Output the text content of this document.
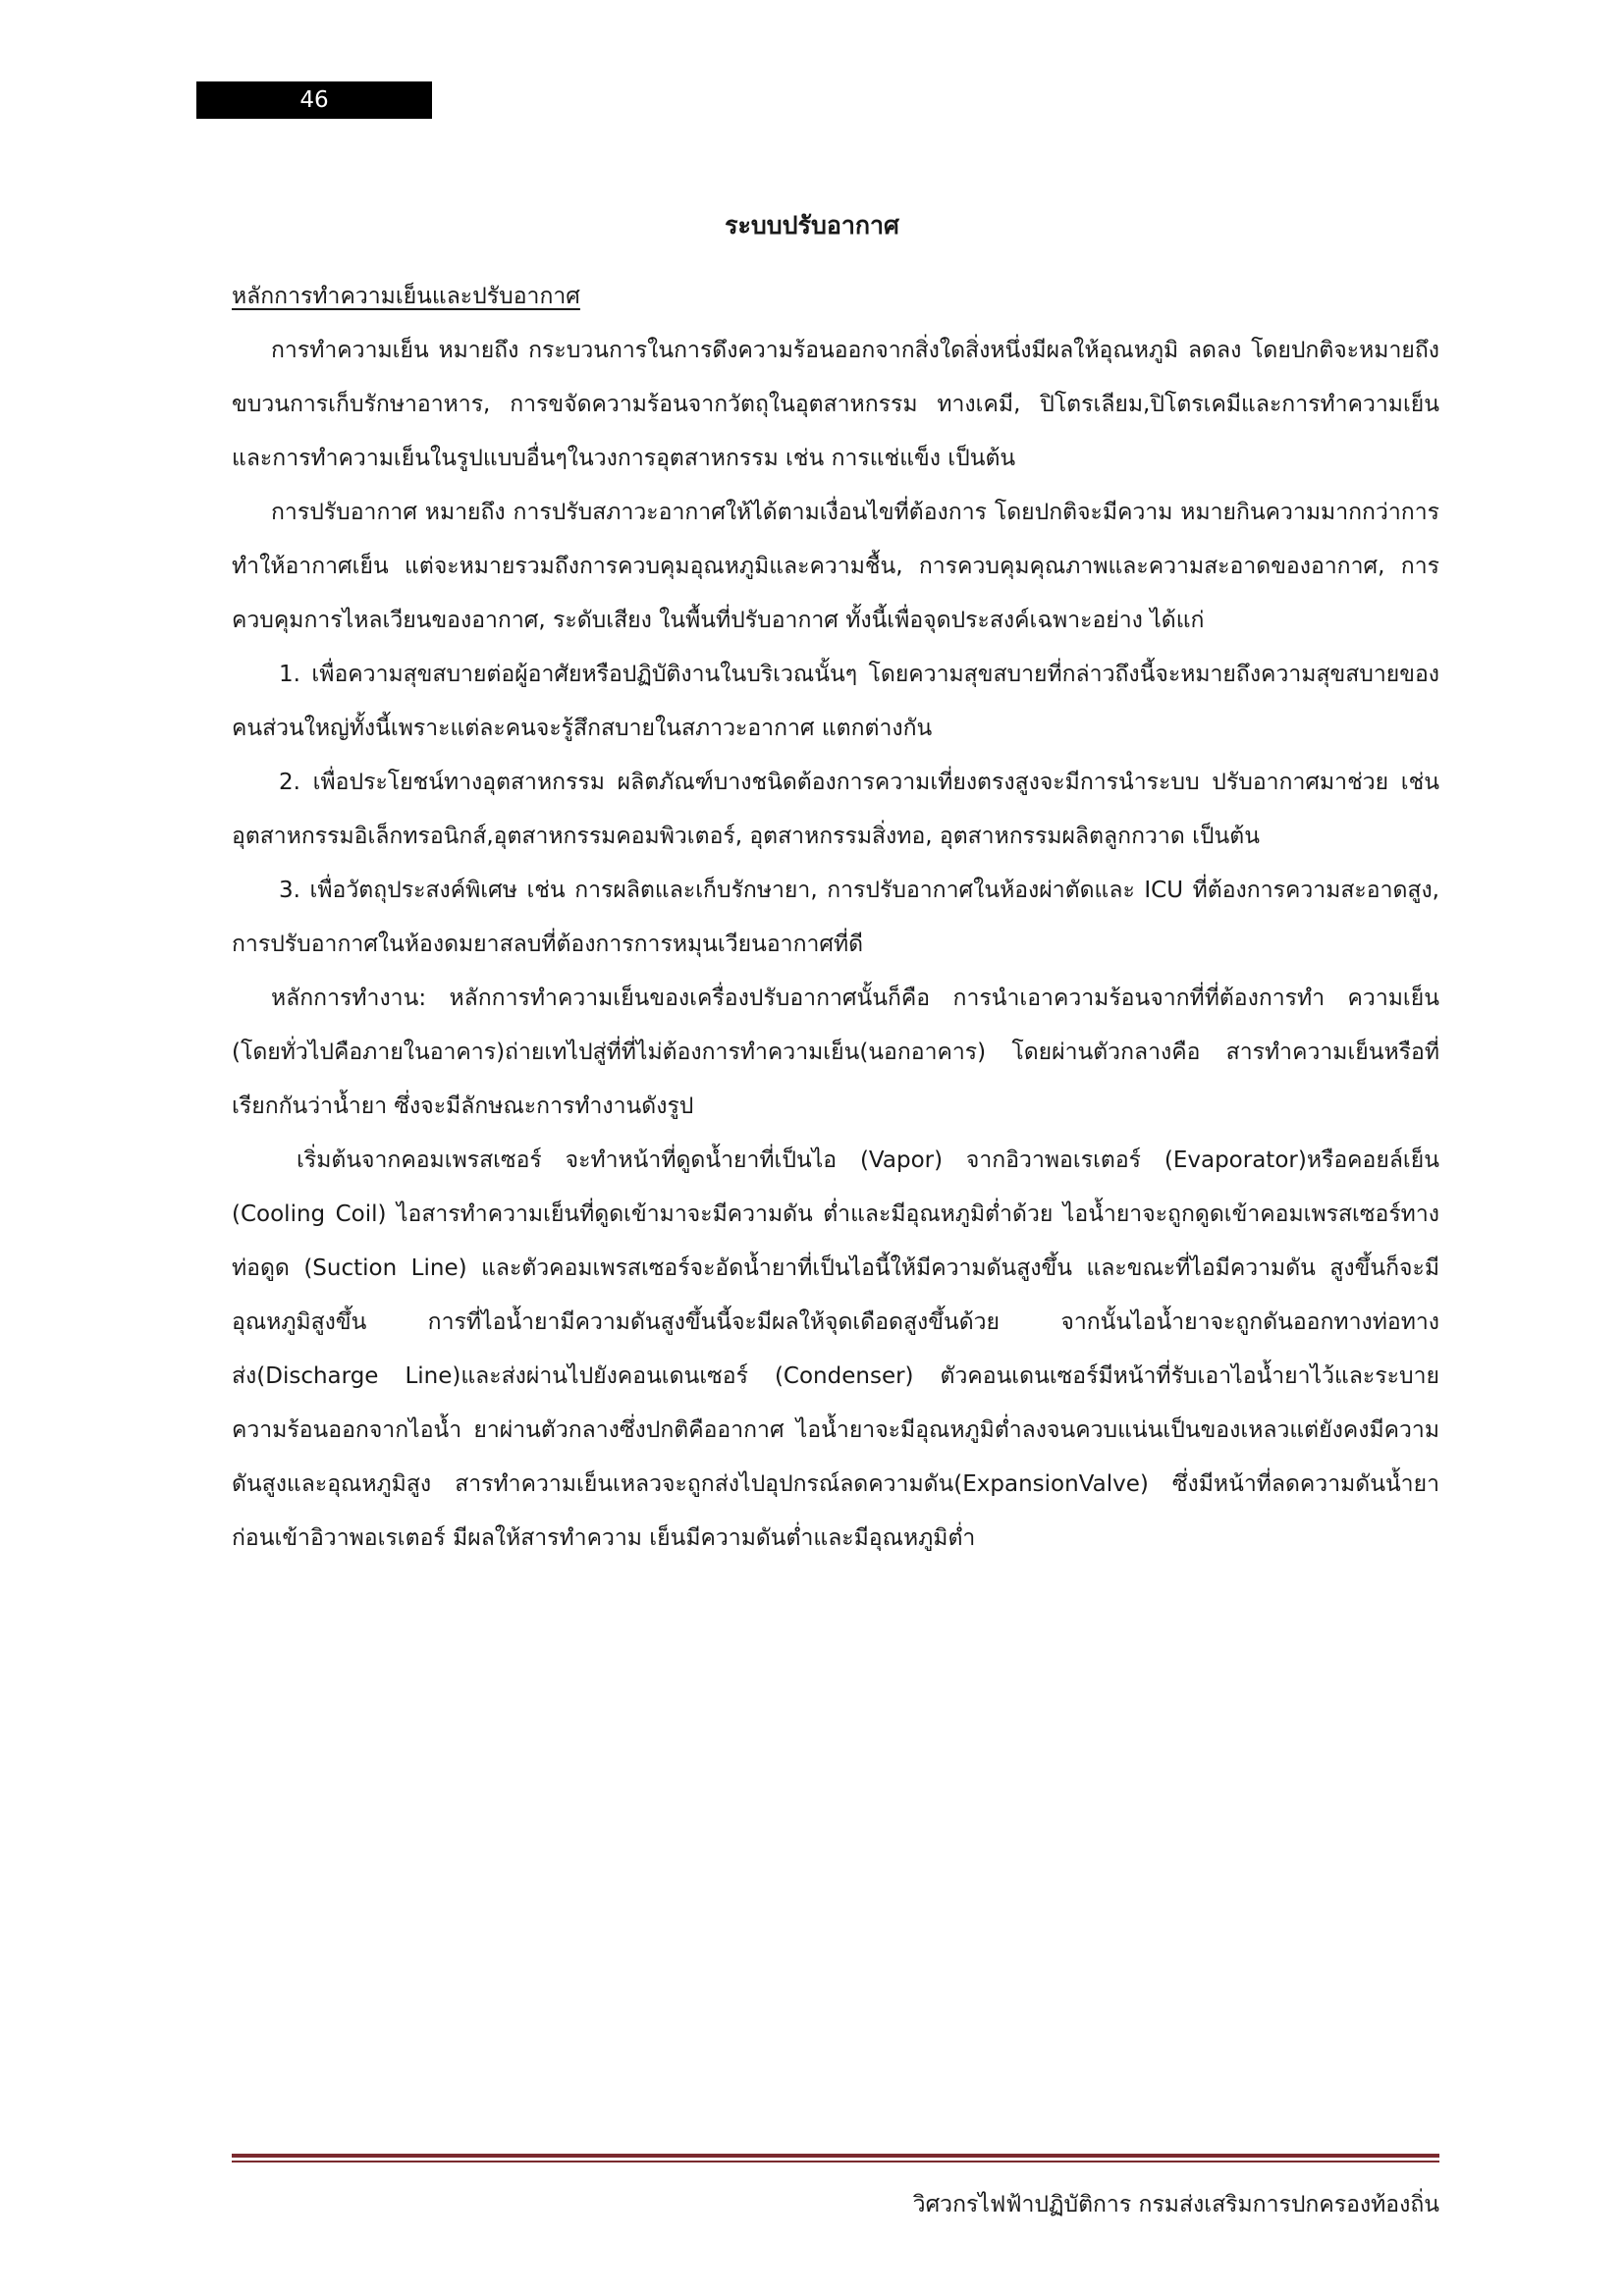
46
ระบบปรับอากาศ
หลักการทำความเย็นและปรับอากาศ

การทำความเย็น หมายถึง กระบวนการในการดึงความร้อนออกจากสิ่งใดสิ่งหนึ่งมีผลให้อุณหภูมิ ลดลง โดยปกติจะหมายถึง ขบวนการเก็บรักษาอาหาร, การขจัดความร้อนจากวัตถุในอุตสาหกรรม ทางเคมี, ปิโตรเลียม,ปิโตรเคมีและการทำความเย็น และการทำความเย็นในรูปแบบอื่นๆในวงการอุตสาหกรรม เช่น การแช่แข็ง เป็นต้น

การปรับอากาศ หมายถึง การปรับสภาวะอากาศให้ได้ตามเงื่อนไขที่ต้องการ โดยปกติจะมีความ หมายกินความมากกว่าการทำให้อากาศเย็น แต่จะหมายรวมถึงการควบคุมอุณหภูมิและความชื้น, การควบคุมคุณภาพและความสะอาดของอากาศ, การควบคุมการไหลเวียนของอากาศ, ระดับเสียง ในพื้นที่ปรับอากาศ ทั้งนี้เพื่อจุดประสงค์เฉพาะอย่าง ได้แก่

1. เพื่อความสุขสบายต่อผู้อาศัยหรือปฏิบัติงานในบริเวณนั้นๆ โดยความสุขสบายที่กล่าวถึงนี้จะหมายถึงความสุขสบายของคนส่วนใหญ่ทั้งนี้เพราะแต่ละคนจะรู้สึกสบายในสภาวะอากาศ แตกต่างกัน

2. เพื่อประโยชน์ทางอุตสาหกรรม ผลิตภัณฑ์บางชนิดต้องการความเที่ยงตรงสูงจะมีการนำระบบ ปรับอากาศมาช่วย เช่น อุตสาหกรรมอิเล็กทรอนิกส์,อุตสาหกรรมคอมพิวเตอร์, อุตสาหกรรมสิ่งทอ, อุตสาหกรรมผลิตลูกกวาด เป็นต้น

3. เพื่อวัตถุประสงค์พิเศษ เช่น การผลิตและเก็บรักษายา, การปรับอากาศในห้องผ่าตัดและ ICU ที่ต้องการความสะอาดสูง, การปรับอากาศในห้องดมยาสลบที่ต้องการการหมุนเวียนอากาศที่ดี

หลักการทำงาน: หลักการทำความเย็นของเครื่องปรับอากาศนั้นก็คือ การนำเอาความร้อนจากที่ที่ต้องการทำ ความเย็น (โดยทั่วไปคือภายในอาคาร)ถ่ายเทไปสู่ที่ที่ไม่ต้องการทำความเย็น(นอกอาคาร) โดยผ่านตัวกลางคือ สารทำความเย็นหรือที่เรียกกันว่าน้ำยา ซึ่งจะมีลักษณะการทำงานดังรูป

เริ่มต้นจากคอมเพรสเซอร์ จะทำหน้าที่ดูดน้ำยาที่เป็นไอ (Vapor) จากอิวาพอเรเตอร์ (Evaporator)หรือคอยล์เย็น (Cooling Coil) ไอสารทำความเย็นที่ดูดเข้ามาจะมีความดัน ต่ำและมีอุณหภูมิต่ำด้วย ไอน้ำยาจะถูกดูดเข้าคอมเพรสเซอร์ทางท่อดูด (Suction Line) และตัวคอมเพรสเซอร์จะอัดน้ำยาที่เป็นไอนี้ให้มีความดันสูงขึ้น และขณะที่ไอมีความดัน สูงขึ้นก็จะมีอุณหภูมิสูงขึ้น การที่ไอน้ำยามีความดันสูงขึ้นนี้จะมีผลให้จุดเดือดสูงขึ้นด้วย จากนั้นไอน้ำยาจะถูกดันออกทางท่อทางส่ง(Discharge Line)และส่งผ่านไปยังคอนเดนเซอร์ (Condenser) ตัวคอนเดนเซอร์มีหน้าที่รับเอาไอน้ำยาไว้และระบาย ความร้อนออกจากไอน้ำ ยาผ่านตัวกลางซึ่งปกติคืออากาศ ไอน้ำยาจะมีอุณหภูมิต่ำลงจนควบแน่นเป็นของเหลวแต่ยังคงมีความดันสูงและอุณหภูมิสูง สารทำความเย็นเหลวจะถูกส่งไปอุปกรณ์ลดความดัน(ExpansionValve) ซึ่งมีหน้าที่ลดความดันน้ำยาก่อนเข้าอิวาพอเรเตอร์ มีผลให้สารทำความ เย็นมีความดันต่ำและมีอุณหภูมิต่ำ

วิศวกรไฟฟ้าปฏิบัติการ กรมส่งเสริมการปกครองท้องถิ่น
